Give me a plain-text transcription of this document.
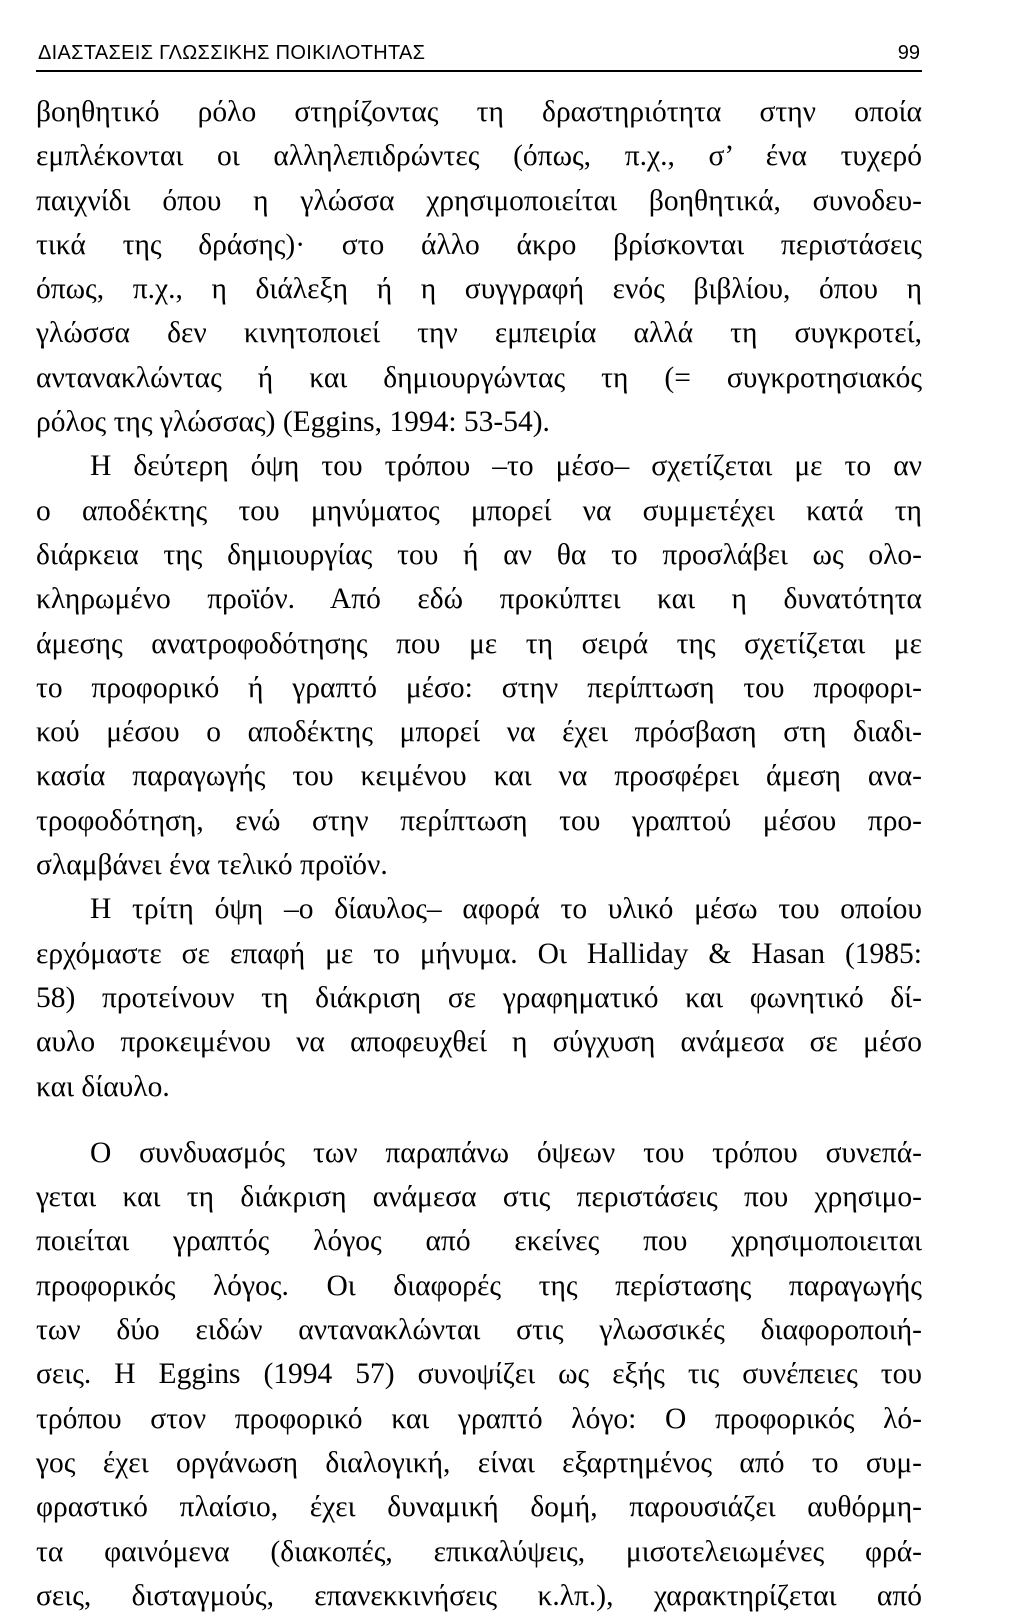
ΔΙΑΣΤΑΣΕΙΣ ΓΛΩΣΣΙΚΗΣ ΠΟΙΚΙΛΟΤΗΤΑΣ	99
βοηθητικό ρόλο στηρίζοντας τη δραστηριότητα στην οποία
εμπλέκονται οι αλληλεπιδρώντες (όπως, π.χ., σ’ ένα τυχερό
παιχνίδι όπου η γλώσσα χρησιμοποιείται βοηθητικά, συνοδευ-
τικά της δράσης)· στο άλλο άκρο βρίσκονται περιστάσεις
όπως, π.χ., η διάλεξη ή η συγγραφή ενός βιβλίου, όπου η
γλώσσα δεν κινητοποιεί την εμπειρία αλλά τη συγκροτεί,
αντανακλώντας ή και δημιουργώντας τη (= συγκροτησιακός
ρόλος της γλώσσας) (Eggins, 1994: 53-54).
Η δεύτερη όψη του τρόπου –το μέσο– σχετίζεται με το αν
ο αποδέκτης του μηνύματος μπορεί να συμμετέχει κατά τη
διάρκεια της δημιουργίας του ή αν θα το προσλάβει ως ολο-
κληρωμένο προϊόν. Από εδώ προκύπτει και η δυνατότητα
άμεσης ανατροφοδότησης που με τη σειρά της σχετίζεται με
το προφορικό ή γραπτό μέσο: στην περίπτωση του προφορι-
κού μέσου ο αποδέκτης μπορεί να έχει πρόσβαση στη διαδι-
κασία παραγωγής του κειμένου και να προσφέρει άμεση ανα-
τροφοδότηση, ενώ στην περίπτωση του γραπτού μέσου προ-
σλαμβάνει ένα τελικό προϊόν.
Η τρίτη όψη –ο δίαυλος– αφορά το υλικό μέσω του οποίου
ερχόμαστε σε επαφή με το μήνυμα. Οι Halliday & Hasan (1985:
58) προτείνουν τη διάκριση σε γραφηματικό και φωνητικό δί-
αυλο προκειμένου να αποφευχθεί η σύγχυση ανάμεσα σε μέσο
και δίαυλο.
Ο συνδυασμός των παραπάνω όψεων του τρόπου συνεπά-
γεται και τη διάκριση ανάμεσα στις περιστάσεις που χρησιμο-
ποιείται γραπτός λόγος από εκείνες που χρησιμοποιειται
προφορικός λόγος. Οι διαφορές της περίστασης παραγωγής
των δύο ειδών αντανακλώνται στις γλωσσικές διαφοροποιή-
σεις. Η Eggins (1994 57) συνοψίζει ως εξής τις συνέπειες του
τρόπου στον προφορικό και γραπτό λόγο: Ο προφορικός λό-
γος έχει οργάνωση διαλογική, είναι εξαρτημένος από το συμ-
φραστικό πλαίσιο, έχει δυναμική δομή, παρουσιάζει αυθόρμη-
τα φαινόμενα (διακοπές, επικαλύψεις, μισοτελειωμένες φρά-
σεις, δισταγμούς, επανεκκινήσεις κ.λπ.), χαρακτηρίζεται από
